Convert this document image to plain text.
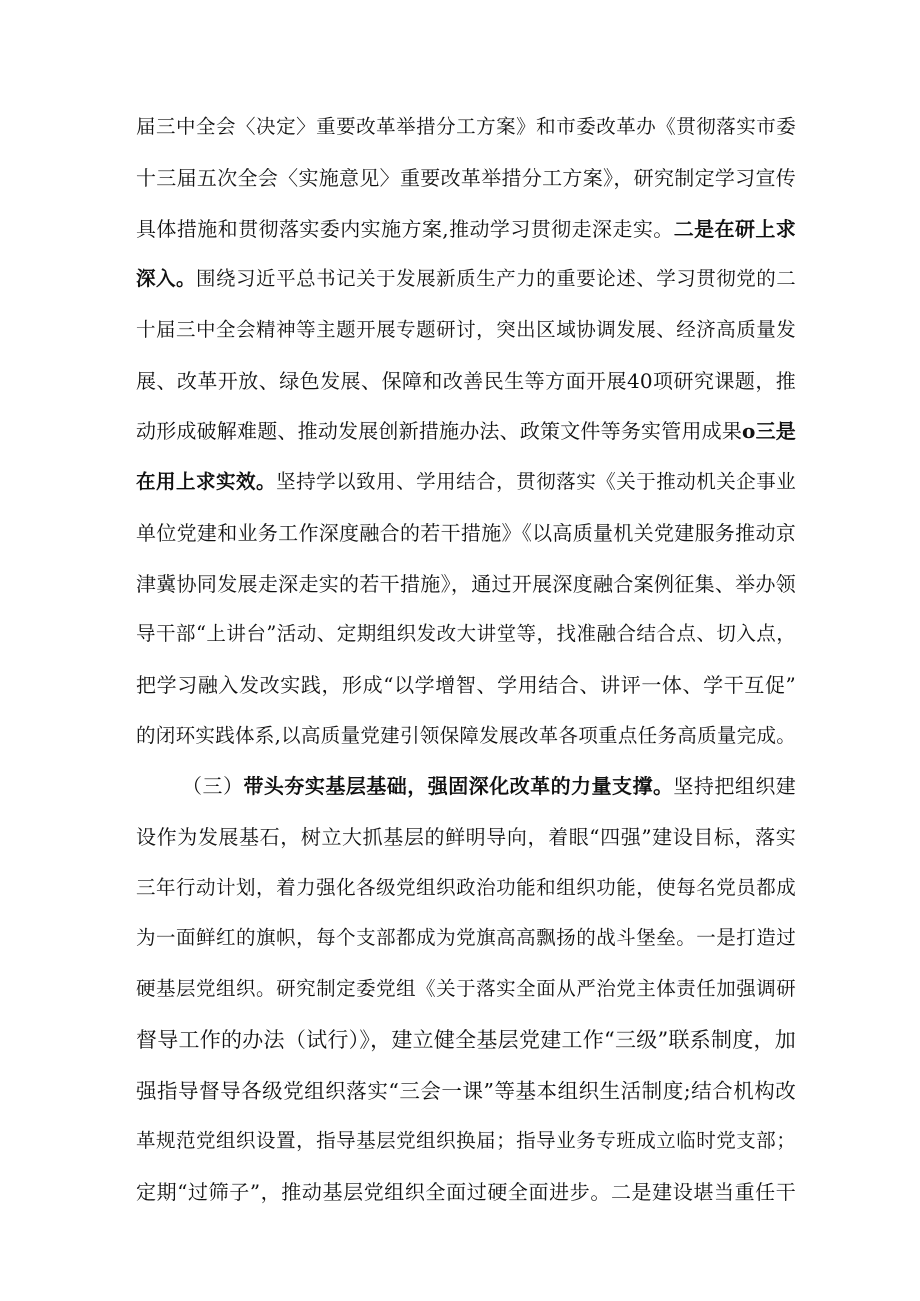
届三中全会〈决定〉重要改革举措分工方案》和市委改革办《贯彻落实市委
十三届五次全会〈实施意见〉重要改革举措分工方案》，研究制定学习宣传
具体措施和贯彻落实委内实施方案,推动学习贯彻走深走实。二是在研上求
深入。围绕习近平总书记关于发展新质生产力的重要论述、学习贯彻党的二
十届三中全会精神等主题开展专题研讨，突出区域协调发展、经济高质量发
展、改革开放、绿色发展、保障和改善民生等方面开展40项研究课题，推
动形成破解难题、推动发展创新措施办法、政策文件等务实管用成果o三是
在用上求实效。坚持学以致用、学用结合，贯彻落实《关于推动机关企事业
单位党建和业务工作深度融合的若干措施》《以高质量机关党建服务推动京
津冀协同发展走深走实的若干措施》，通过开展深度融合案例征集、举办领
导干部“上讲台”活动、定期组织发改大讲堂等，找准融合结合点、切入点，
把学习融入发改实践，形成“以学增智、学用结合、讲评一体、学干互促”
的闭环实践体系,以高质量党建引领保障发展改革各项重点任务高质量完成。
（三）带头夯实基层基础，强固深化改革的力量支撑。坚持把组织建
设作为发展基石，树立大抓基层的鲜明导向，着眼“四强”建设目标，落实
三年行动计划，着力强化各级党组织政治功能和组织功能，使每名党员都成
为一面鲜红的旗帜，每个支部都成为党旗高高飘扬的战斗堡垒。一是打造过
硬基层党组织。研究制定委党组《关于落实全面从严治党主体责任加强调研
督导工作的办法（试行）》，建立健全基层党建工作“三级”联系制度，加
强指导督导各级党组织落实“三会一课”等基本组织生活制度;结合机构改
革规范党组织设置，指导基层党组织换届；指导业务专班成立临时党支部；
定期“过筛子”，推动基层党组织全面过硬全面进步。二是建设堪当重任干
